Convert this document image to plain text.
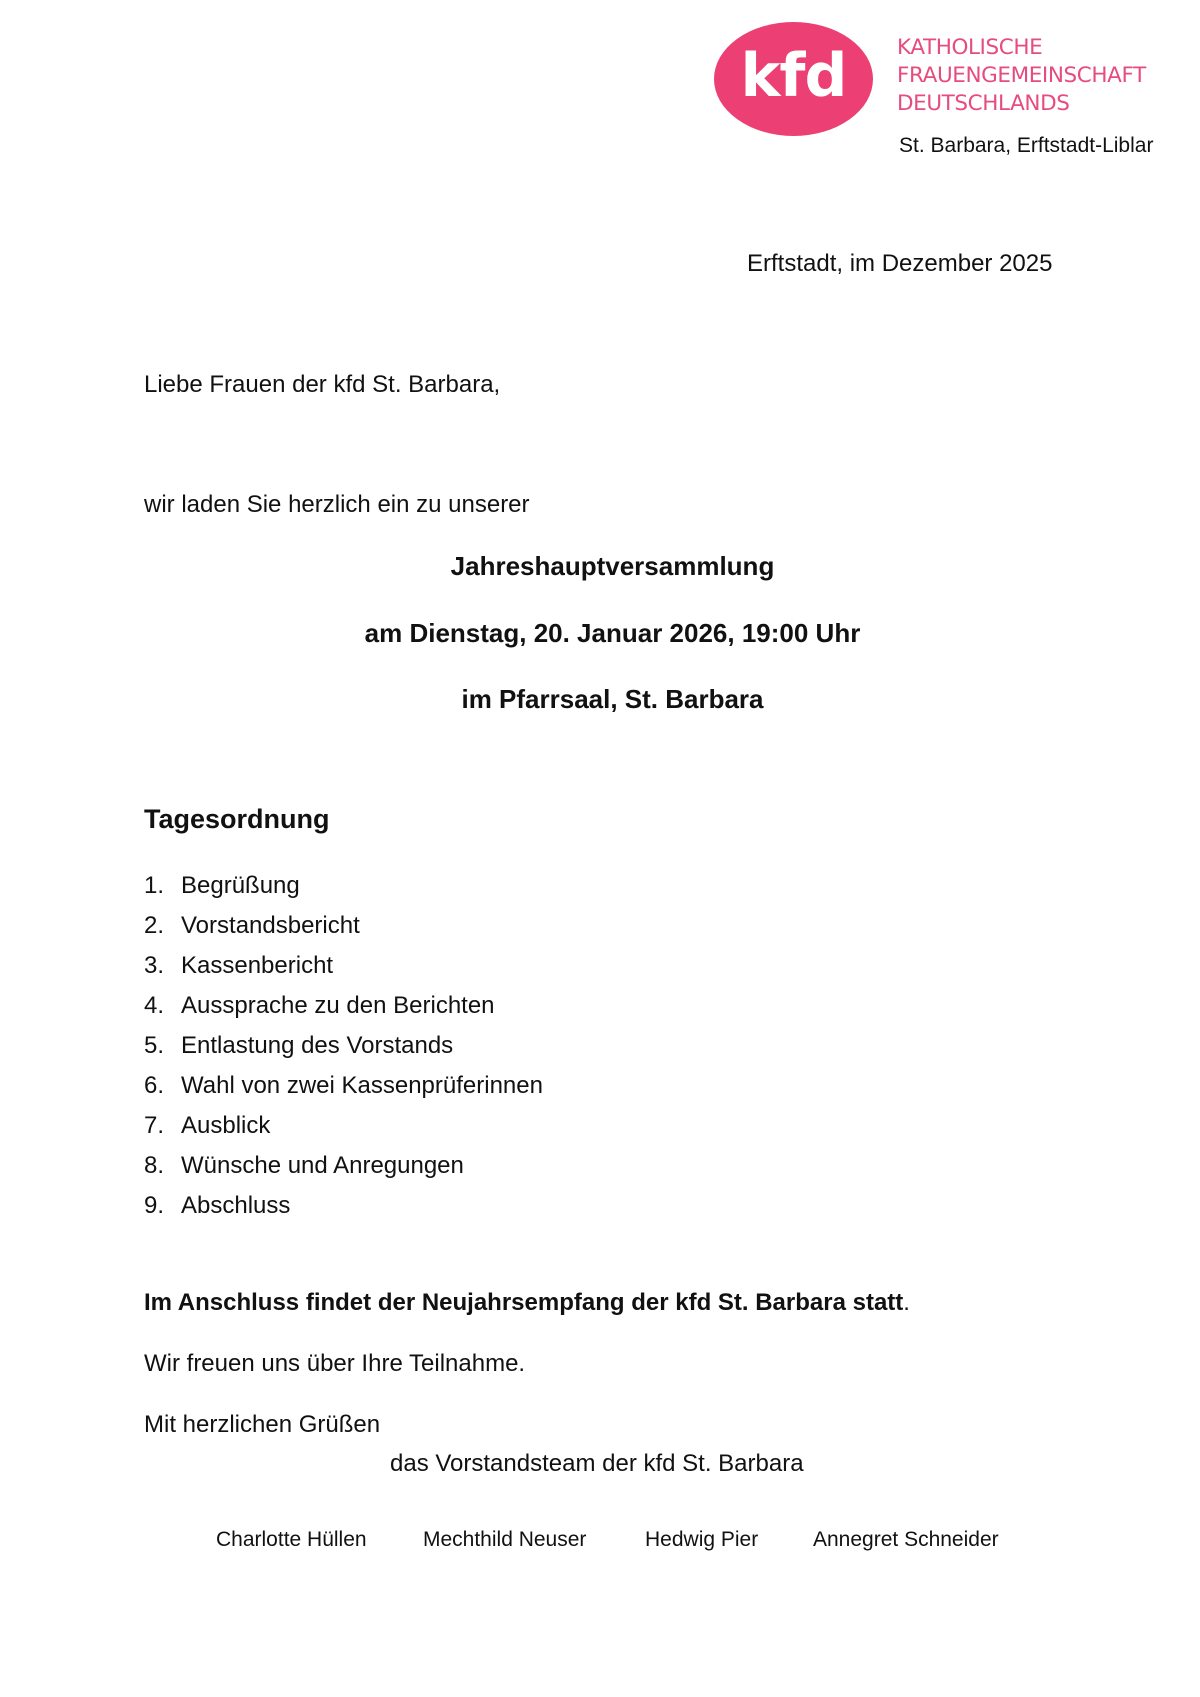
kfd	KATHOLISCHE
FRAUENGEMEINSCHAFT
DEUTSCHLANDS
St. Barbara, Erftstadt-Liblar
Erftstadt, im Dezember 2025
Liebe Frauen der kfd St. Barbara,
wir laden Sie herzlich ein zu unserer
Jahreshauptversammlung
am Dienstag, 20. Januar 2026, 19:00 Uhr
im Pfarrsaal, St. Barbara
Tagesordnung
1. Begrüßung
2. Vorstandsbericht
3. Kassenbericht
4. Aussprache zu den Berichten
5. Entlastung des Vorstands
6. Wahl von zwei Kassenprüferinnen
7. Ausblick
8. Wünsche und Anregungen
9. Abschluss
Im Anschluss findet der Neujahrsempfang der kfd St. Barbara statt.
Wir freuen uns über Ihre Teilnahme.
Mit herzlichen Grüßen
das Vorstandsteam der kfd St. Barbara
Charlotte Hüllen	Mechthild Neuser	Hedwig Pier	Annegret Schneider
